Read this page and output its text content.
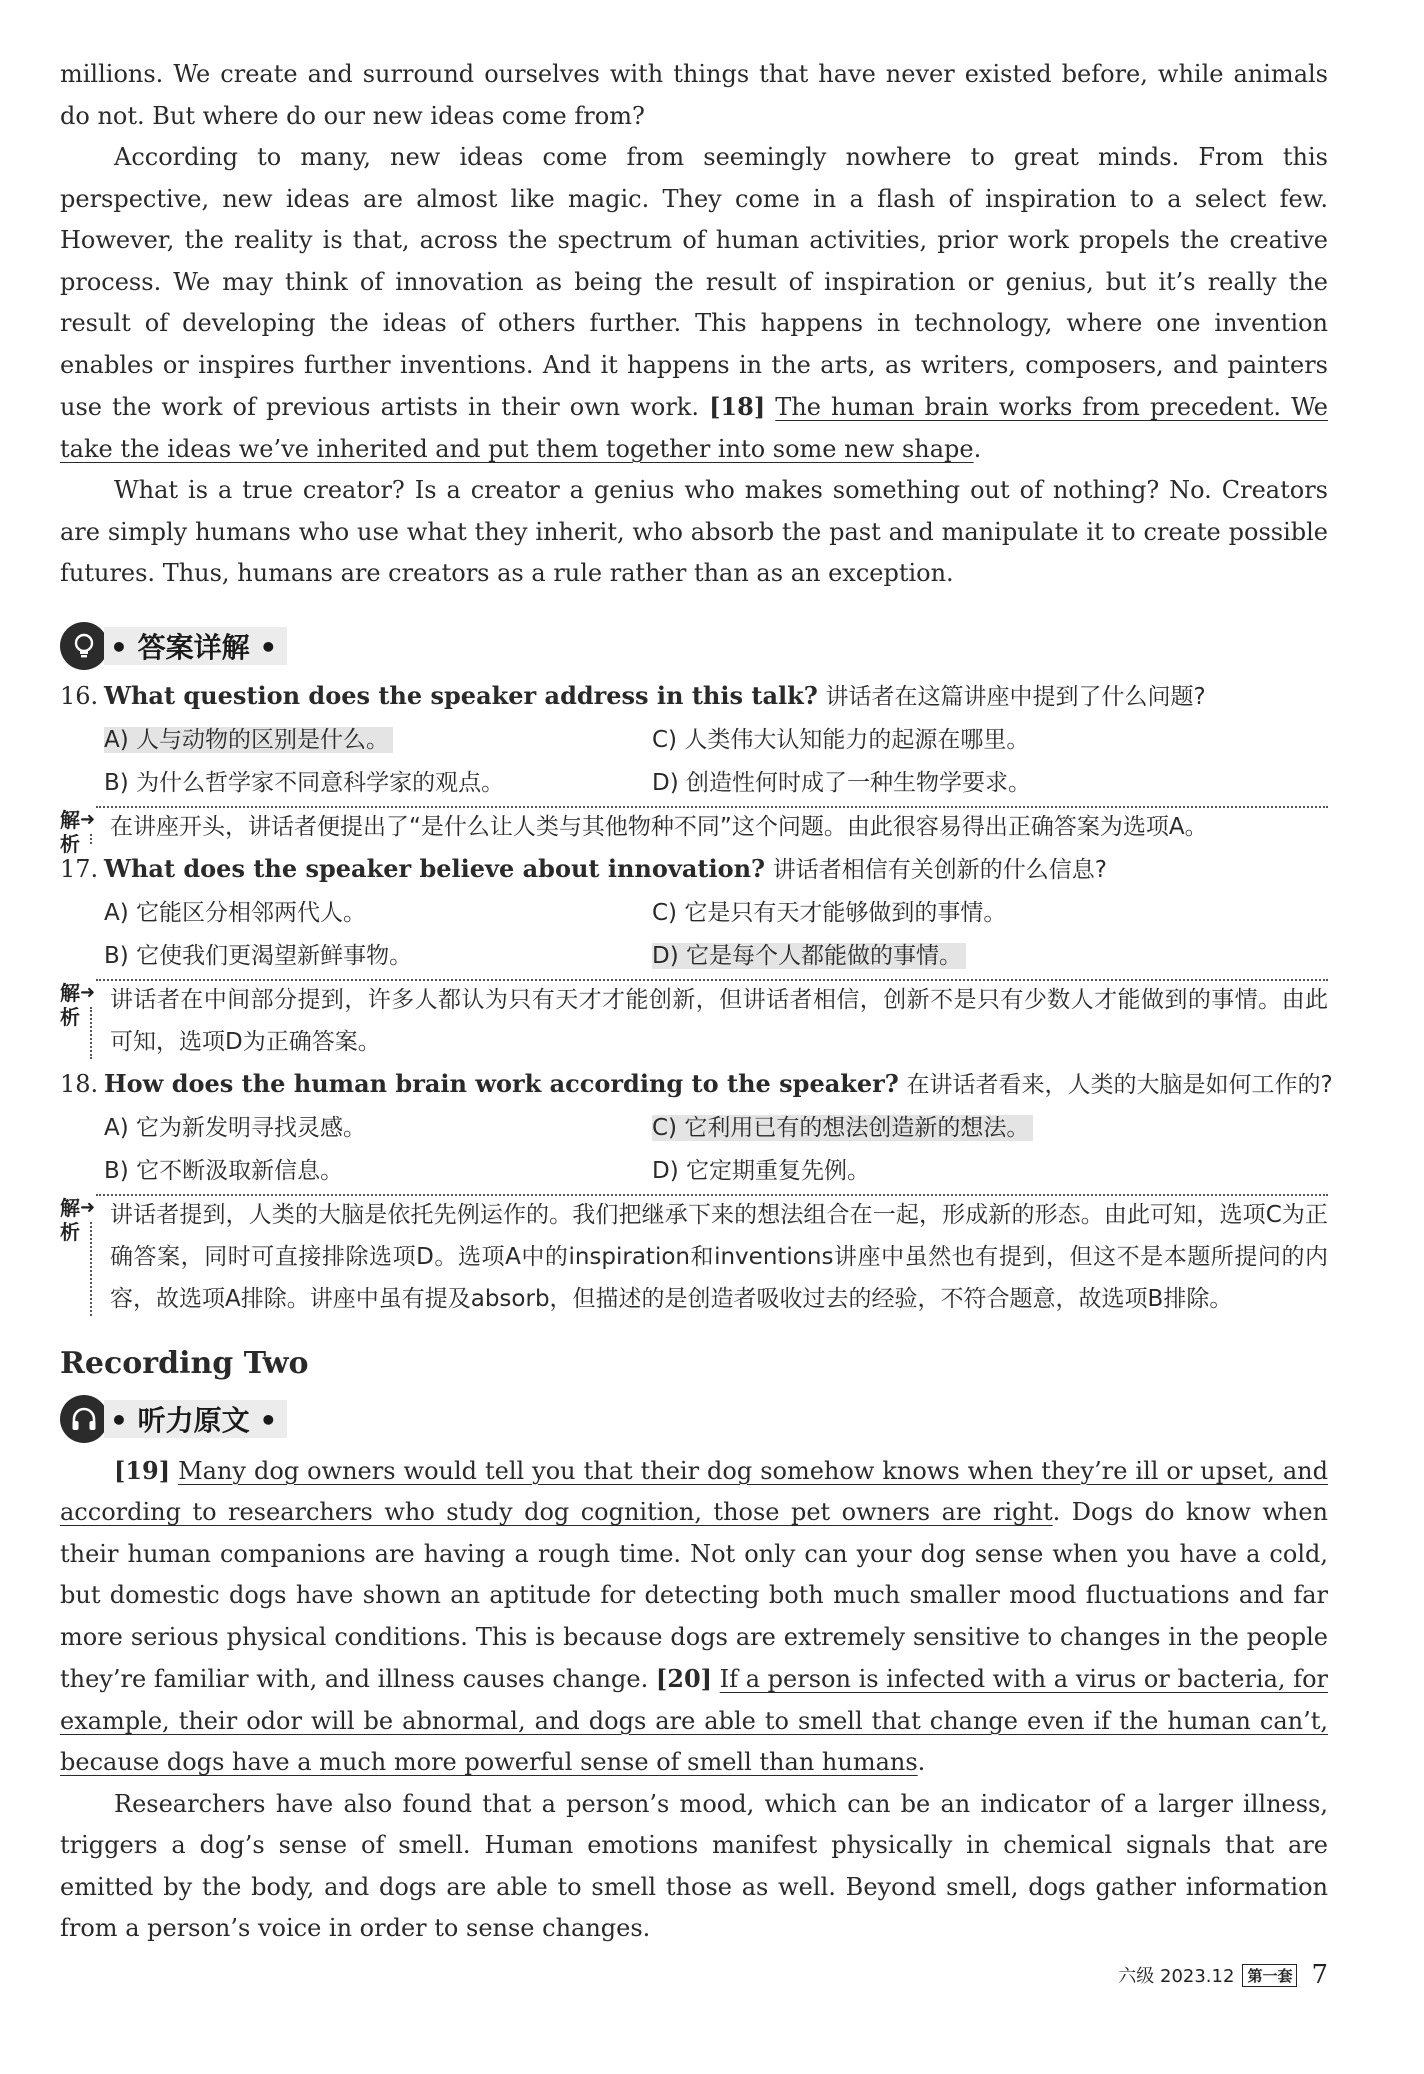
millions. We create and surround ourselves with things that have never existed before, while animals do not. But where do our new ideas come from?

According to many, new ideas come from seemingly nowhere to great minds. From this perspective, new ideas are almost like magic. They come in a flash of inspiration to a select few. However, the reality is that, across the spectrum of human activities, prior work propels the creative process. We may think of innovation as being the result of inspiration or genius, but it’s really the result of developing the ideas of others further. This happens in technology, where one invention enables or inspires further inventions. And it happens in the arts, as writers, composers, and painters use the work of previous artists in their own work. [18] The human brain works from precedent. We take the ideas we’ve inherited and put them together into some new shape.

What is a true creator? Is a creator a genius who makes something out of nothing? No. Creators are simply humans who use what they inherit, who absorb the past and manipulate it to create possible futures. Thus, humans are creators as a rule rather than as an exception.

• 答案详解 •
16. What question does the speaker address in this talk? 讲话者在这篇讲座中提到了什么问题?
A) 人与动物的区别是什么。	C) 人类伟大认知能力的起源在哪里。
B) 为什么哲学家不同意科学家的观点。	D) 创造性何时成了一种生物学要求。
解析
➜ 在讲座开头，讲话者便提出了“是什么让人类与其他物种不同”这个问题。由此很容易得出正确答案为选项A。
17. What does the speaker believe about innovation? 讲话者相信有关创新的什么信息?
A) 它能区分相邻两代人。	C) 它是只有天才能够做到的事情。
B) 它使我们更渴望新鲜事物。	D) 它是每个人都能做的事情。
解析
➜ 讲话者在中间部分提到，许多人都认为只有天才才能创新，但讲话者相信，创新不是只有少数人才能做到的事情。由此可知，选项D为正确答案。
18. How does the human brain work according to the speaker? 在讲话者看来，人类的大脑是如何工作的?
A) 它为新发明寻找灵感。	C) 它利用已有的想法创造新的想法。
B) 它不断汲取新信息。	D) 它定期重复先例。
解析
➜ 讲话者提到，人类的大脑是依托先例运作的。我们把继承下来的想法组合在一起，形成新的形态。由此可知，选项C为正确答案，同时可直接排除选项D。选项A中的inspiration和inventions讲座中虽然也有提到，但这不是本题所提问的内容，故选项A排除。讲座中虽有提及absorb，但描述的是创造者吸收过去的经验，不符合题意，故选项B排除。
Recording Two
• 听力原文 •

[19] Many dog owners would tell you that their dog somehow knows when they’re ill or upset, and according to researchers who study dog cognition, those pet owners are right. Dogs do know when their human companions are having a rough time. Not only can your dog sense when you have a cold, but domestic dogs have shown an aptitude for detecting both much smaller mood fluctuations and far more serious physical conditions. This is because dogs are extremely sensitive to changes in the people they’re familiar with, and illness causes change. [20] If a person is infected with a virus or bacteria, for example, their odor will be abnormal, and dogs are able to smell that change even if the human can’t, because dogs have a much more powerful sense of smell than humans.

Researchers have also found that a person’s mood, which can be an indicator of a larger illness, triggers a dog’s sense of smell. Human emotions manifest physically in chemical signals that are emitted by the body, and dogs are able to smell those as well. Beyond smell, dogs gather information from a person’s voice in order to sense changes.

六级 2023.12 第一套 7
